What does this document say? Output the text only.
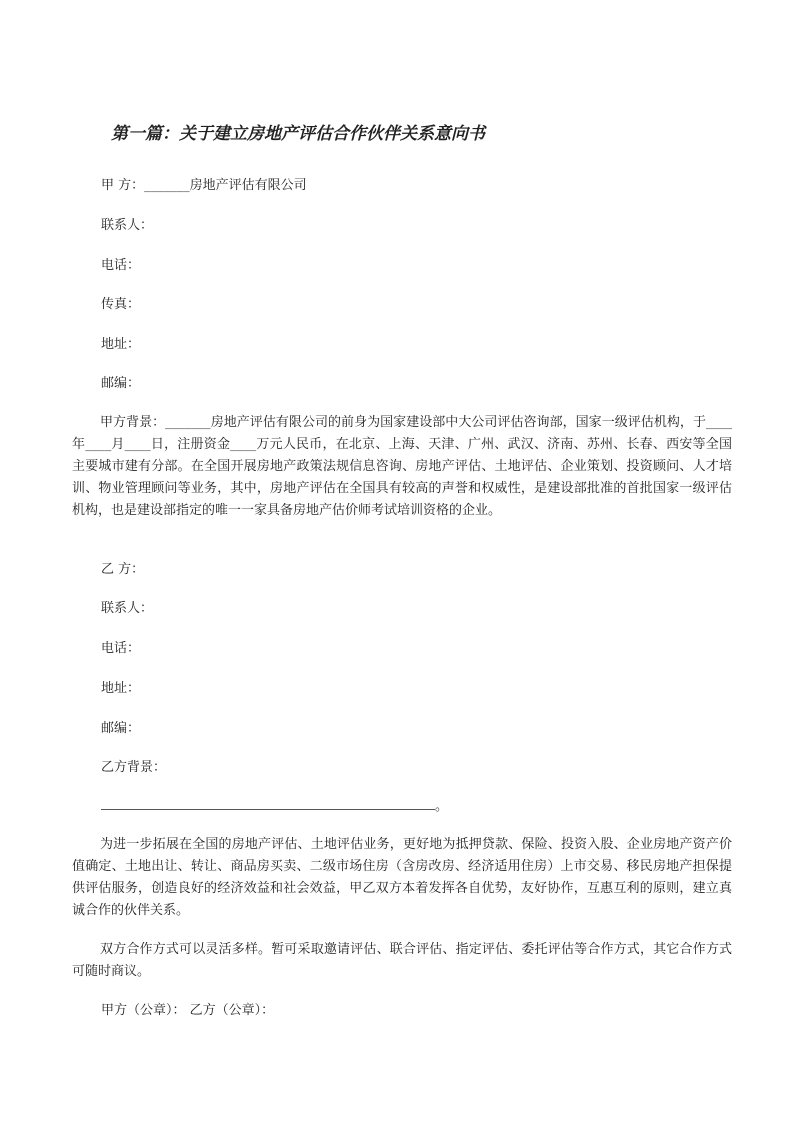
第一篇：关于建立房地产评估合作伙伴关系意向书
甲 方：_______房地产评估有限公司
联系人：
电话：
传真：
地址：
邮编：
甲方背景：_______房地产评估有限公司的前身为国家建设部中大公司评估咨询部，国家一级评估机构，于____年____月____日，注册资金____万元人民币，在北京、上海、天津、广州、武汉、济南、苏州、长春、西安等全国主要城市建有分部。在全国开展房地产政策法规信息咨询、房地产评估、土地评估、企业策划、投资顾问、人才培训、物业管理顾问等业务，其中，房地产评估在全国具有较高的声誉和权威性，是建设部批准的首批国家一级评估机构，也是建设部指定的唯一一家具备房地产估价师考试培训资格的企业。
乙 方：
联系人：
电话：
地址：
邮编：
乙方背景：
。
为进一步拓展在全国的房地产评估、土地评估业务，更好地为抵押贷款、保险、投资入股、企业房地产资产价值确定、土地出让、转让、商品房买卖、二级市场住房（含房改房、经济适用住房）上市交易、移民房地产担保提供评估服务，创造良好的经济效益和社会效益，甲乙双方本着发挥各自优势，友好协作，互惠互利的原则，建立真诚合作的伙伴关系。
双方合作方式可以灵活多样。暂可采取邀请评估、联合评估、指定评估、委托评估等合作方式，其它合作方式可随时商议。
甲方（公章）： 乙方（公章）：
